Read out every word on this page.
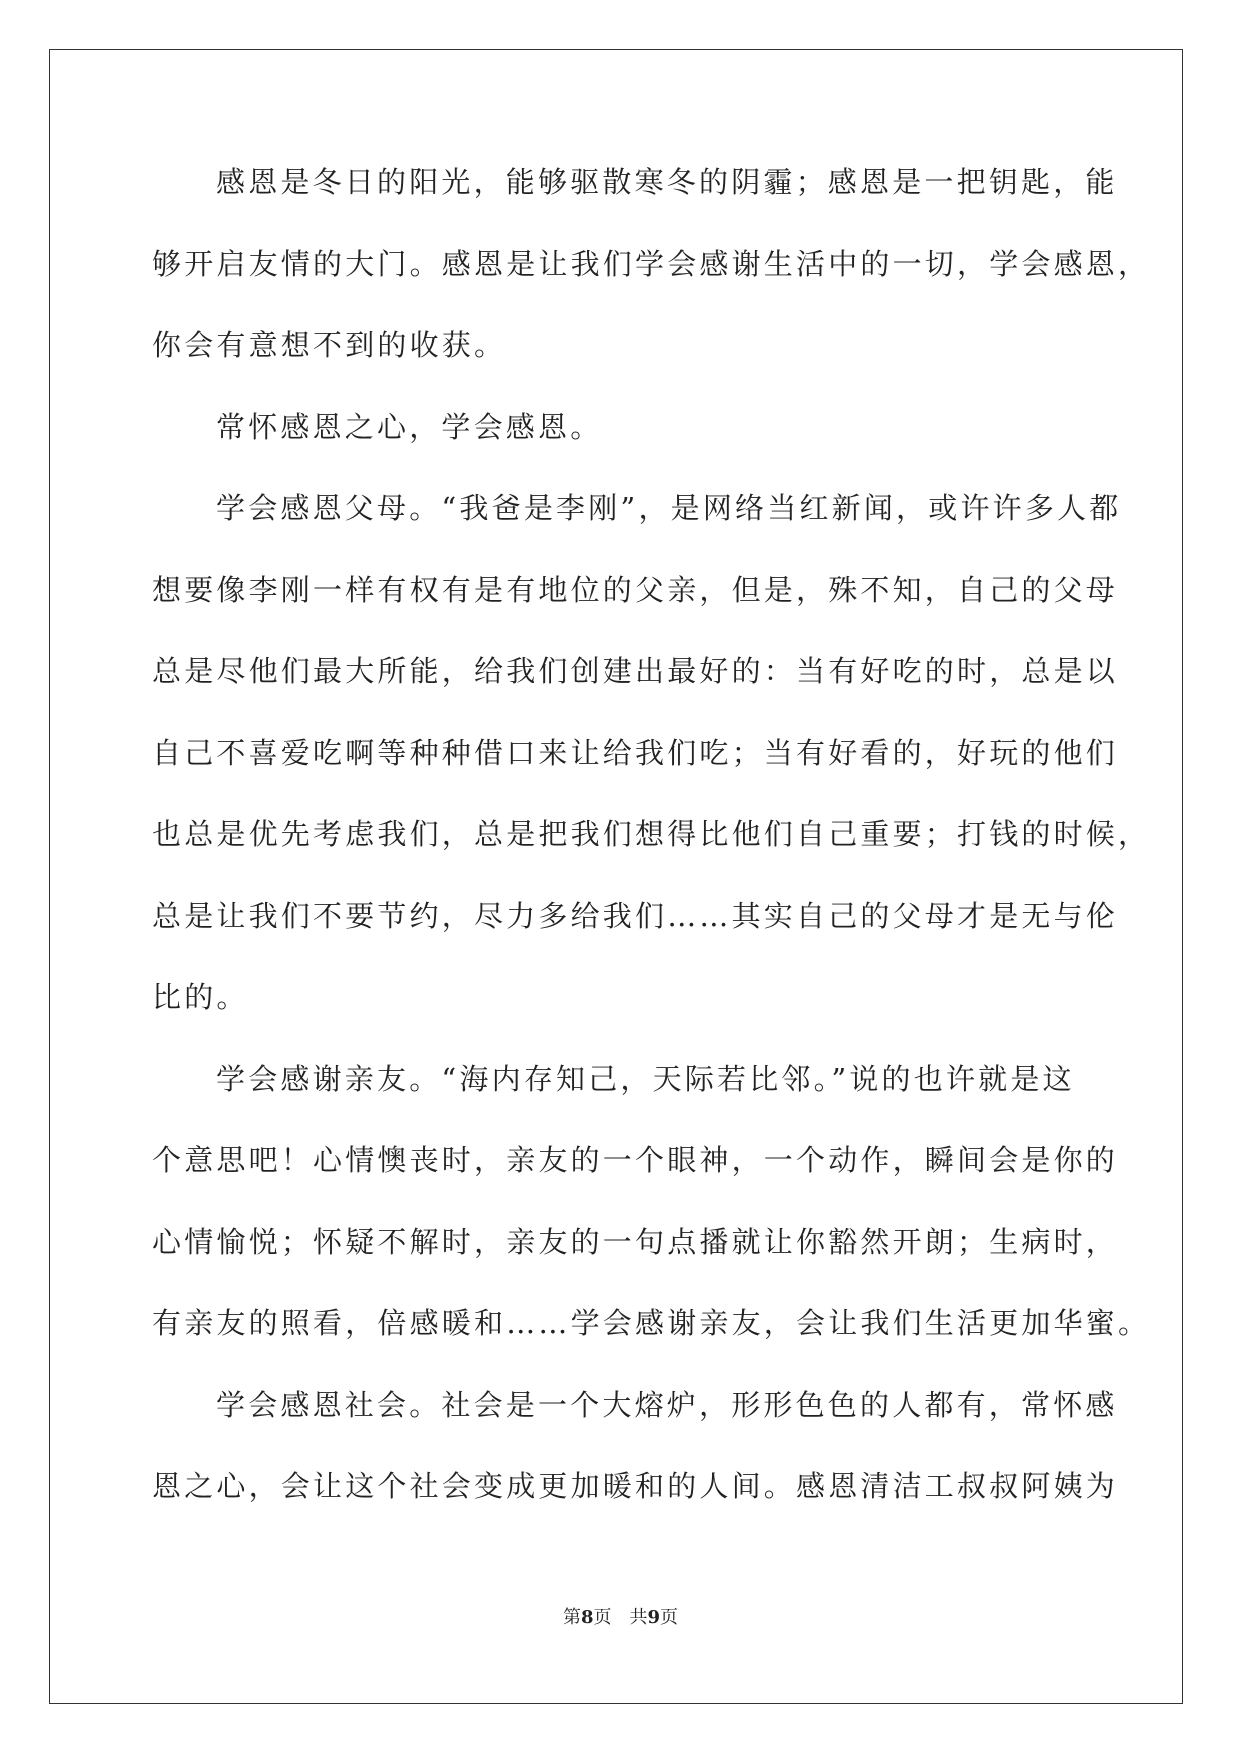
感恩是冬日的阳光，能够驱散寒冬的阴霾；感恩是一把钥匙，能
够开启友情的大门。感恩是让我们学会感谢生活中的一切，学会感恩，
你会有意想不到的收获。
常怀感恩之心，学会感恩。
学会感恩父母。“我爸是李刚”，是网络当红新闻，或许许多人都
想要像李刚一样有权有是有地位的父亲，但是，殊不知，自己的父母
总是尽他们最大所能，给我们创建出最好的：当有好吃的时，总是以
自己不喜爱吃啊等种种借口来让给我们吃；当有好看的，好玩的他们
也总是优先考虑我们，总是把我们想得比他们自己重要；打钱的时候，
总是让我们不要节约，尽力多给我们……其实自己的父母才是无与伦
比的。
学会感谢亲友。“海内存知己，天际若比邻。”说的也许就是这
个意思吧！心情懊丧时，亲友的一个眼神，一个动作，瞬间会是你的
心情愉悦；怀疑不解时，亲友的一句点播就让你豁然开朗；生病时，
有亲友的照看，倍感暖和……学会感谢亲友，会让我们生活更加华蜜。
学会感恩社会。社会是一个大熔炉，形形色色的人都有，常怀感
恩之心，会让这个社会变成更加暖和的人间。感恩清洁工叔叔阿姨为
第8页 共9页
